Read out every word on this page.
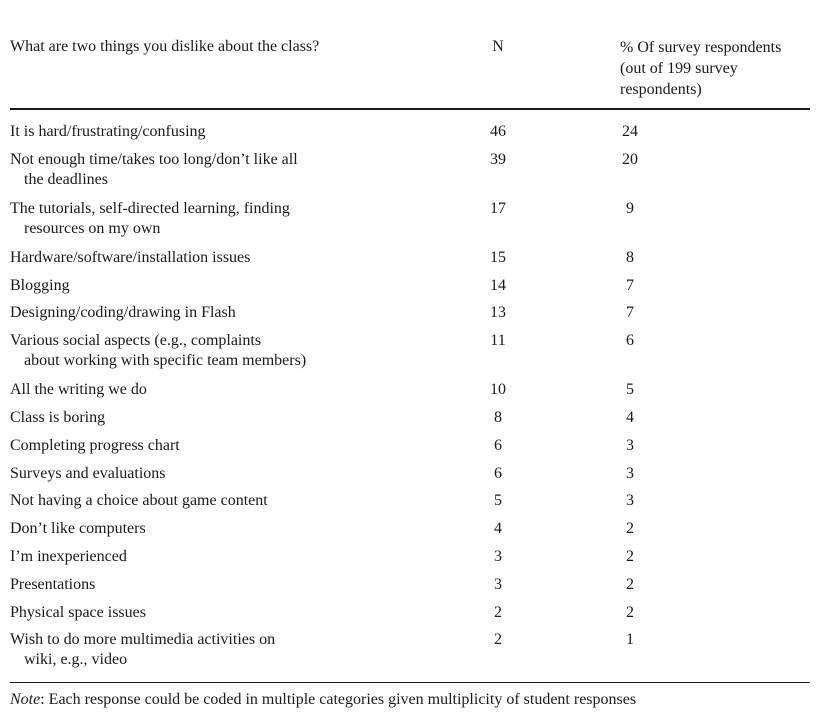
What are two things you dislike about the class?	N	% Of survey respondents
(out of 199 survey
respondents)
It is hard/frustrating/confusing	46	24
Not enough time/takes too long/don’t like all
the deadlines
39	20
The tutorials, self-directed learning, finding
resources on my own
17	9
Hardware/software/installation issues	15	8
Blogging	14	7
Designing/coding/drawing in Flash	13	7
Various social aspects (e.g., complaints
about working with specific team members)
11	6
All the writing we do	10	5
Class is boring	8	4
Completing progress chart	6	3
Surveys and evaluations	6	3
Not having a choice about game content	5	3
Don’t like computers	4	2
I’m inexperienced	3	2
Presentations	3	2
Physical space issues	2	2
Wish to do more multimedia activities on
wiki, e.g., video
2	1
Note: Each response could be coded in multiple categories given multiplicity of student responses
